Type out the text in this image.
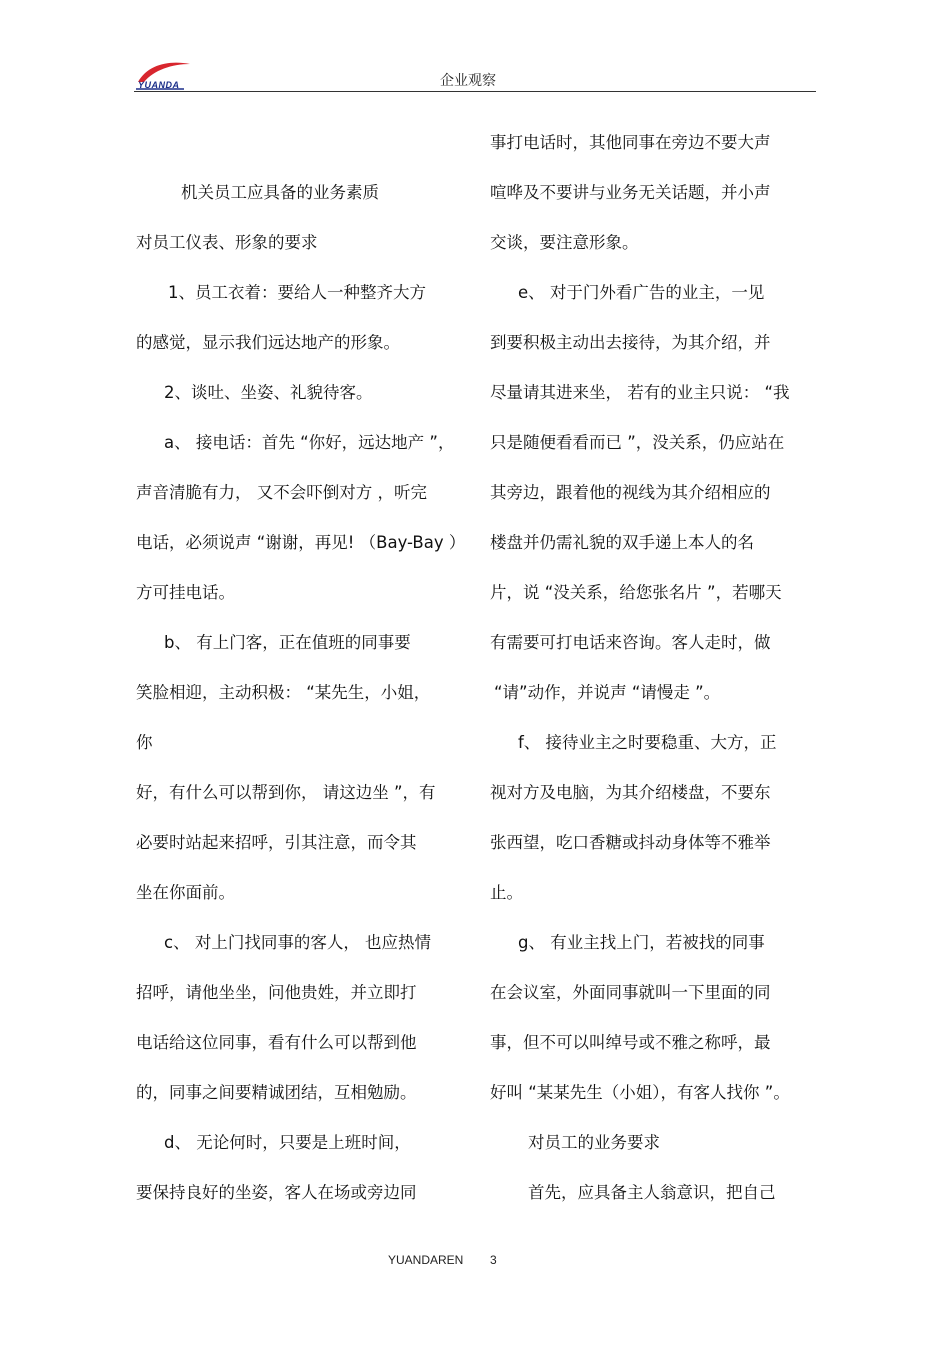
YUANDA	企业观察
机关员工应具备的业务素质
对员工仪表、形象的要求
1、员工衣着：要给人一种整齐大方
的感觉，显示我们远达地产的形象。
2、谈吐、坐姿、礼貌待客。
a、 接电话：首先 “你好，远达地产 ”，
声音清脆有力， 又不会吓倒对方 ，听完
电话，必须说声 “谢谢，再见! （Bay-Bay ）
方可挂电话。
b、 有上门客，正在值班的同事要
笑脸相迎，主动积极： “某先生，小姐，
你
好，有什么可以帮到你， 请这边坐 ”，有
必要时站起来招呼，引其注意，而令其
坐在你面前。
c、 对上门找同事的客人， 也应热情
招呼，请他坐坐，问他贵姓，并立即打
电话给这位同事，看有什么可以帮到他
的，同事之间要精诚团结，互相勉励。
d、 无论何时，只要是上班时间，
要保持良好的坐姿，客人在场或旁边同
事打电话时，其他同事在旁边不要大声
喧哗及不要讲与业务无关话题，并小声
交谈，要注意形象。
e、 对于门外看广告的业主，一见
到要积极主动出去接待，为其介绍，并
尽量请其进来坐， 若有的业主只说： “我
只是随便看看而已 ”，没关系，仍应站在
其旁边，跟着他的视线为其介绍相应的
楼盘并仍需礼貌的双手递上本人的名
片，说 “没关系，给您张名片 ”，若哪天
有需要可打电话来咨询。客人走时，做
“请”动作，并说声 “请慢走 ”。
f、 接待业主之时要稳重、大方，正
视对方及电脑，为其介绍楼盘，不要东
张西望，吃口香糖或抖动身体等不雅举
止。
g、 有业主找上门，若被找的同事
在会议室，外面同事就叫一下里面的同
事，但不可以叫绰号或不雅之称呼，最
好叫 “某某先生（小姐），有客人找你 ”。
对员工的业务要求
首先，应具备主人翁意识，把自己
YUANDAREN 3
